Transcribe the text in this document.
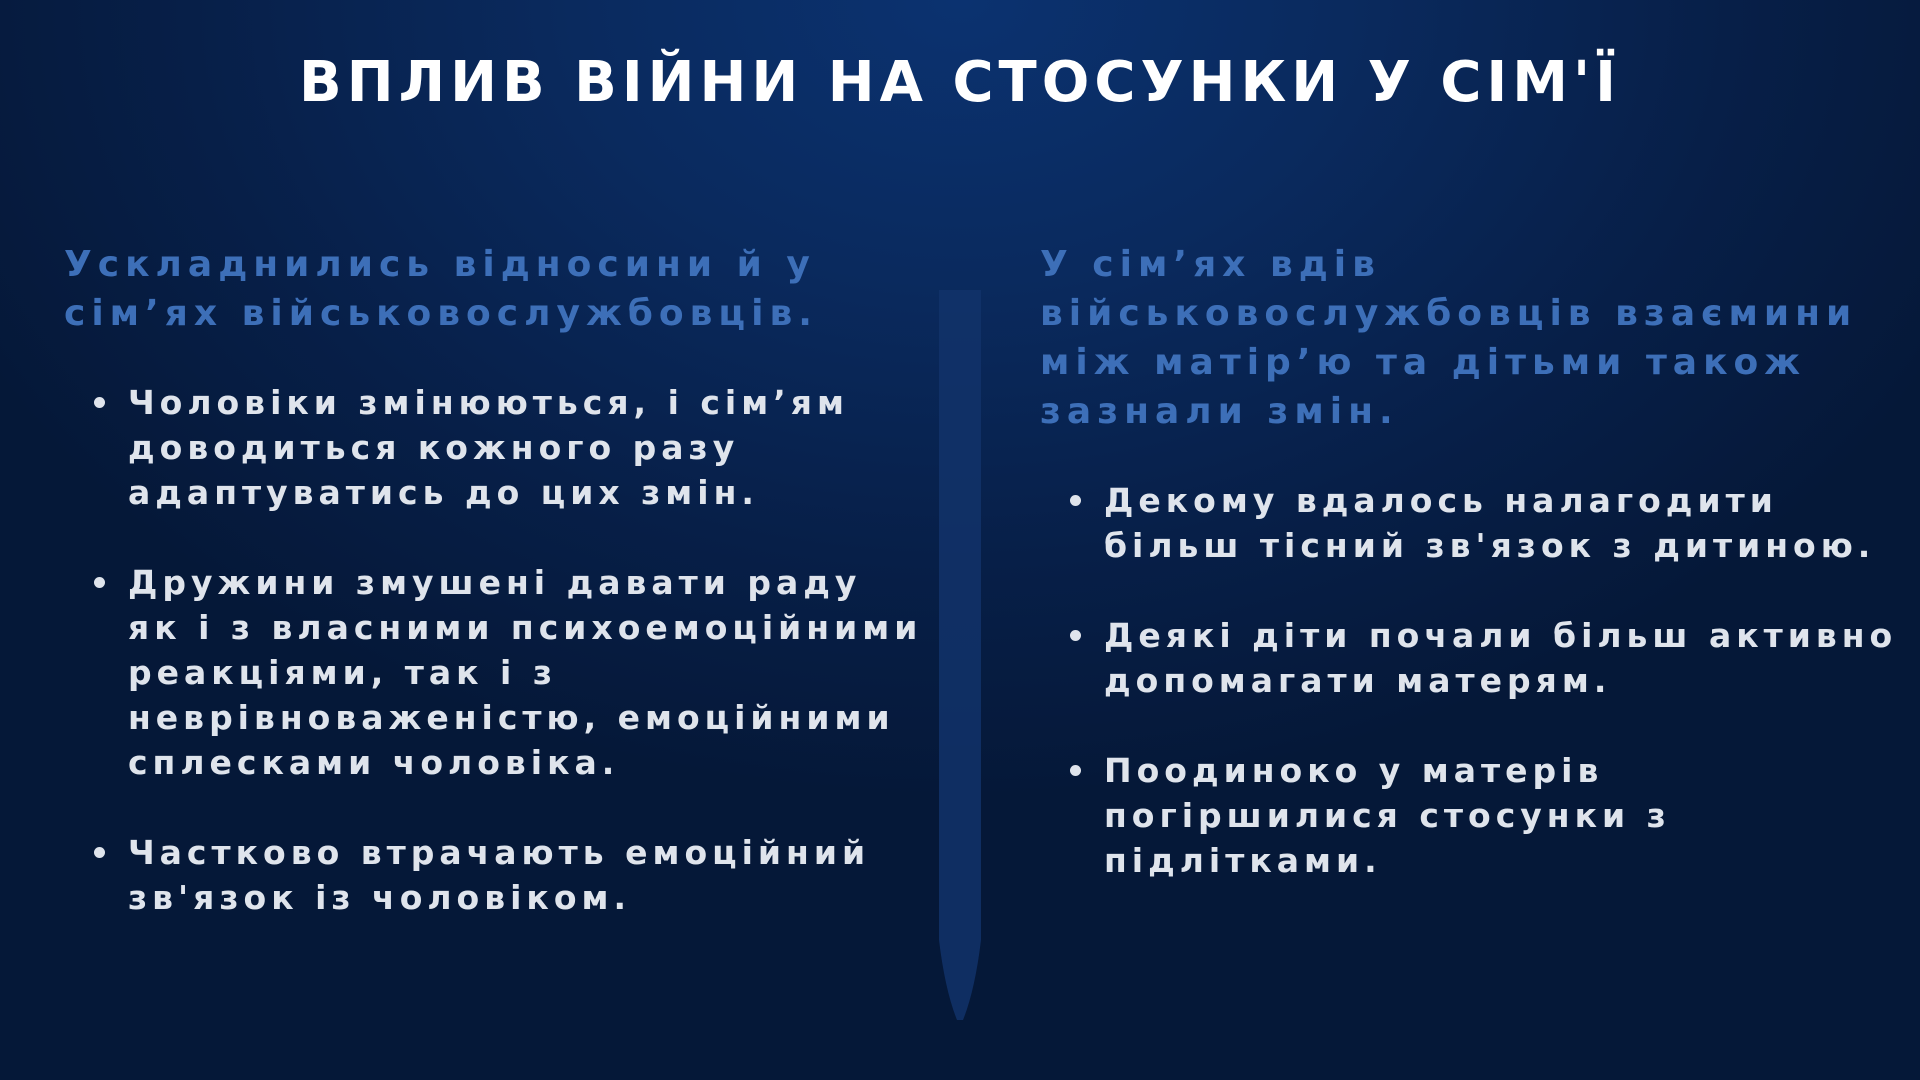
ВПЛИВ ВІЙНИ НА СТОСУНКИ У СІМ'Ї
Ускладнились відносини й у сім’ях військовослужбовців.
Чоловіки змінюються, і сім’ям доводиться кожного разу адаптуватись до цих змін.
Дружини змушені давати раду як і з власними психоемоційними реакціями, так і з неврівноваженістю, емоційними сплесками чоловіка.
Частково втрачають емоційний зв'язок із чоловіком.
У сім’ях вдів військовослужбовців взаємини між матір’ю та дітьми також зазнали змін.
Декому вдалось налагодити більш тісний зв'язок з дитиною.
Деякі діти почали більш активно допомагати матерям.
Поодиноко у матерів погіршилися стосунки з підлітками.
